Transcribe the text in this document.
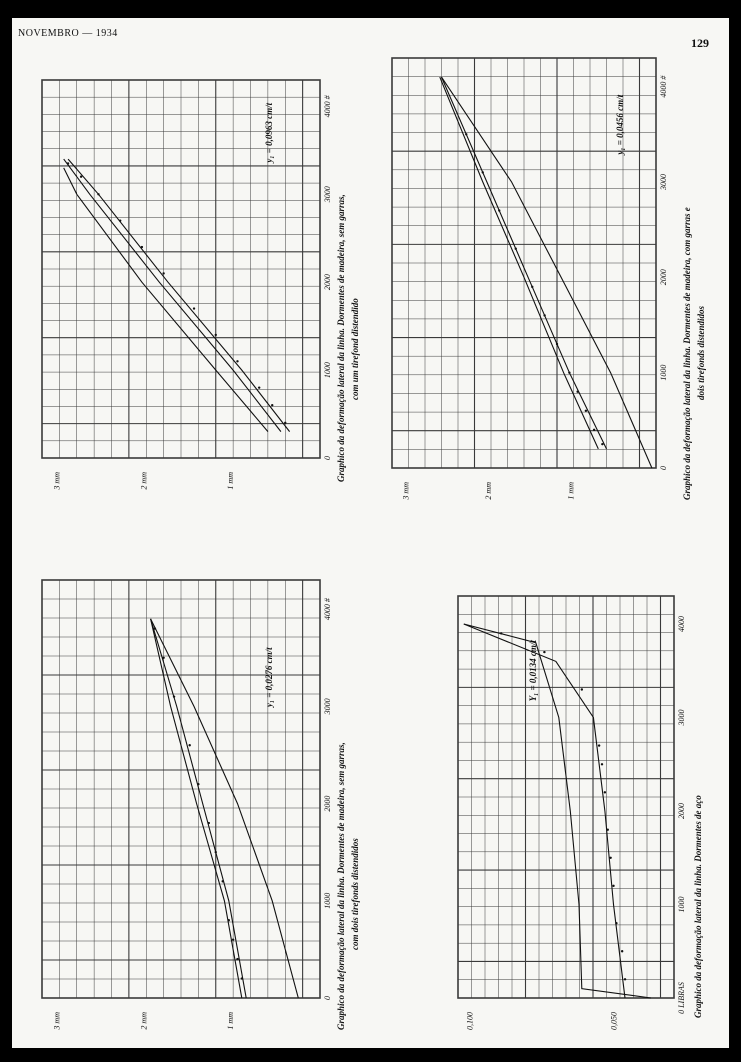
NOVEMBRO — 1934
129
0
1000
2000
3000
4000 #
1 mm
2 mm
3 mm
y₁ = 0,0276 cm/t
Graphico da deformação lateral da linha. Dormentes de madeira, sem garras, com dois tirefonds distendidos
0
1000
2000
3000
4000 #
1 mm
2 mm
3 mm
y₁ = 0,0963 cm/t
Graphico da deformação lateral da linha. Dormentes de madeira, sem garras, com um tirefond distendido
0 LIBRAS
1000
2000
3000
4000
0,050
0,100
Y₁ = 0,0134 cm/t
Graphico da deformação lateral da linha. Dormentes de aço
0
1000
2000
3000
4000 #
1 mm
2 mm
3 mm
y₁ = 0,0456 cm/t
Graphico da deformação lateral da linha. Dormentes de madeira, com garras e dois tirefonds distendidos
